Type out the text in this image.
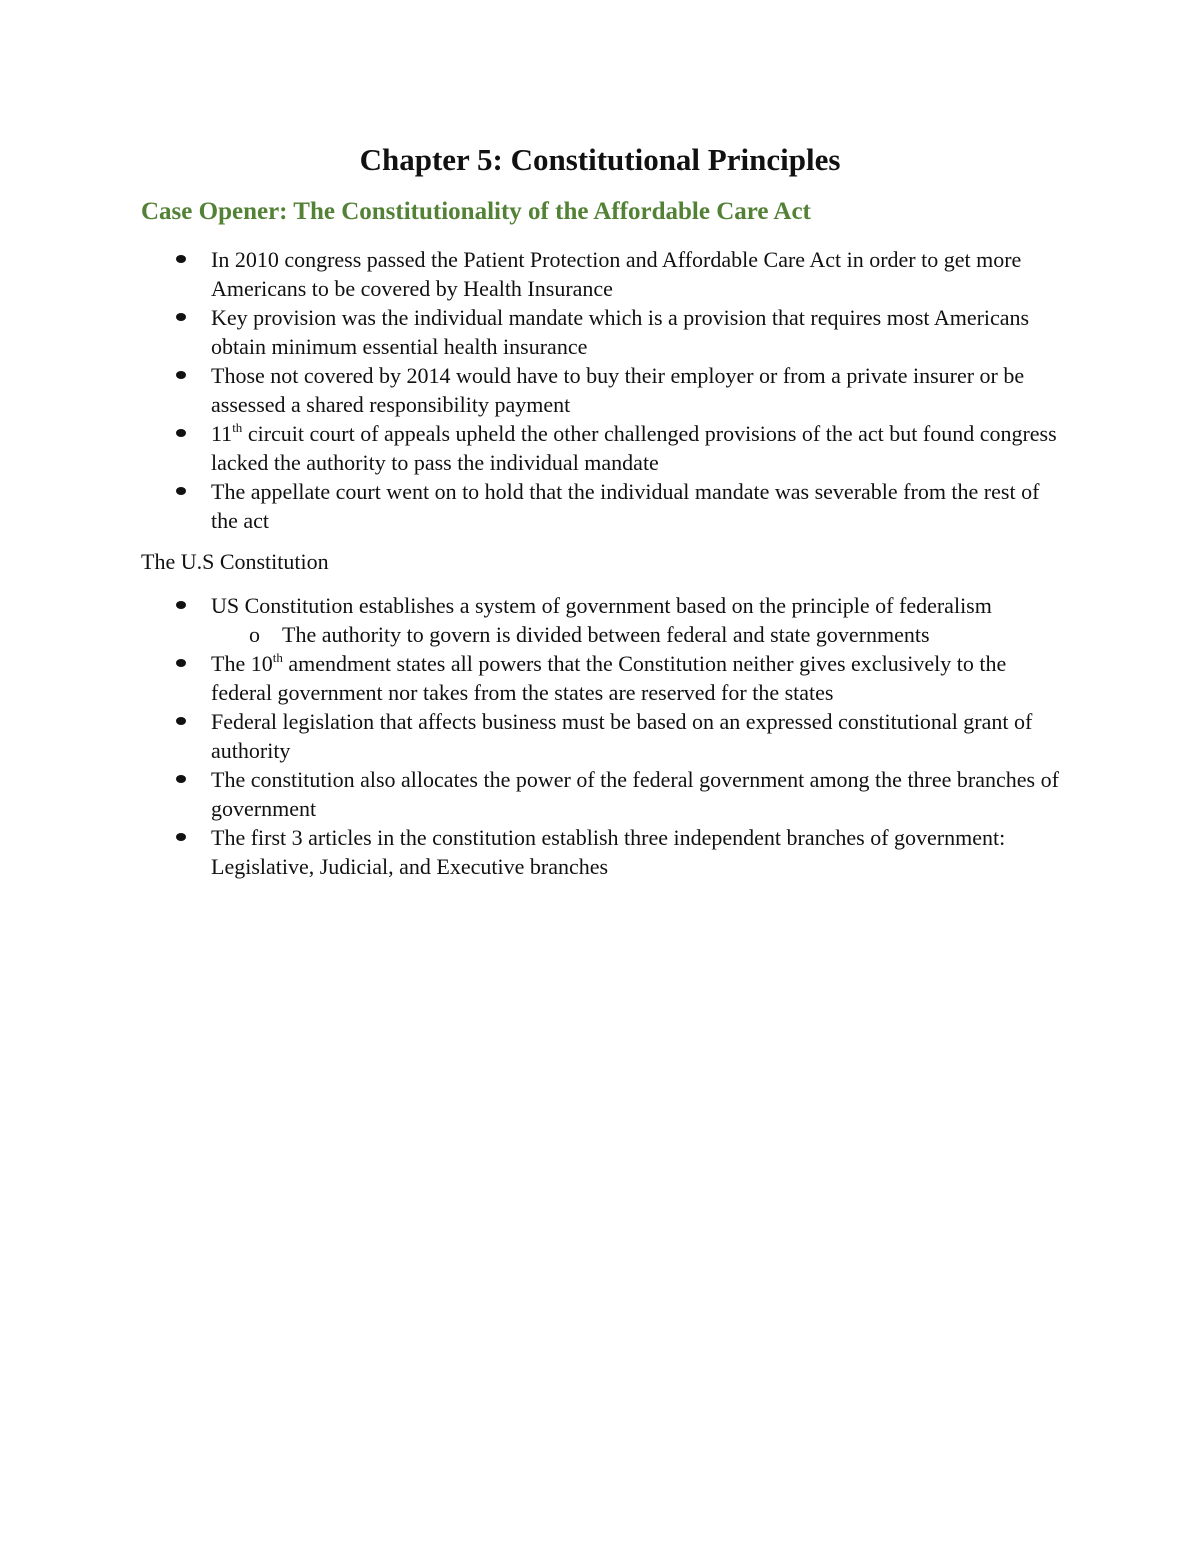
Chapter 5: Constitutional Principles
Case Opener: The Constitutionality of the Affordable Care Act
In 2010 congress passed the Patient Protection and Affordable Care Act in order to get more Americans to be covered by Health Insurance
Key provision was the individual mandate which is a provision that requires most Americans obtain minimum essential health insurance
Those not covered by 2014 would have to buy their employer or from a private insurer or be assessed a shared responsibility payment
11th circuit court of appeals upheld the other challenged provisions of the act but found congress lacked the authority to pass the individual mandate
The appellate court went on to hold that the individual mandate was severable from the rest of the act

The U.S Constitution

US Constitution establishes a system of government based on the principle of federalism
o The authority to govern is divided between federal and state governments
The 10th amendment states all powers that the Constitution neither gives exclusively to the federal government nor takes from the states are reserved for the states
Federal legislation that affects business must be based on an expressed constitutional grant of authority
The constitution also allocates the power of the federal government among the three branches of government
The first 3 articles in the constitution establish three independent branches of government: Legislative, Judicial, and Executive branches
